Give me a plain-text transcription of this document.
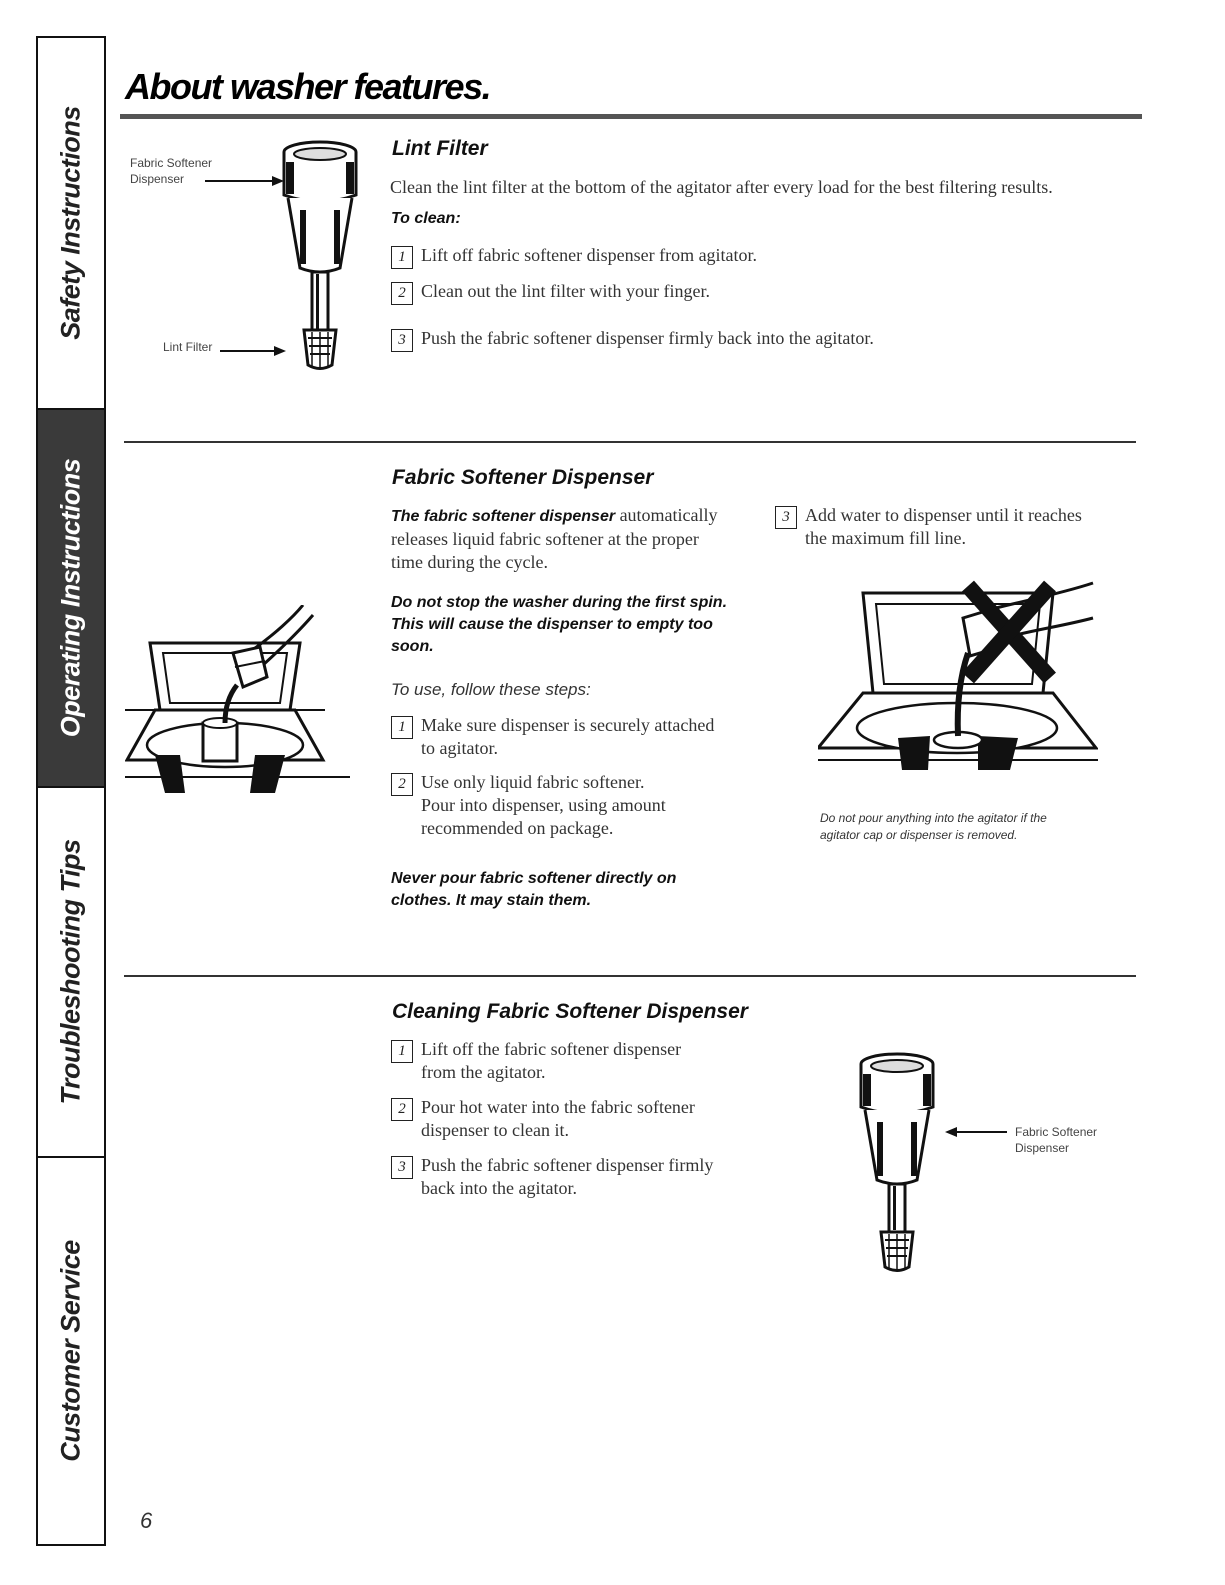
Safety Instructions
Operating Instructions
Troubleshooting Tips
Customer Service
About washer features.
Fabric Softener
Dispenser
Lint Filter
Lint Filter
Clean the lint filter at the bottom of the agitator after every load for the best filtering results.
To clean:
1 Lift off fabric softener dispenser from agitator.
2 Clean out the lint filter with your finger.
3 Push the fabric softener dispenser firmly back into the agitator.
Fabric Softener Dispenser
The fabric softener dispenser automatically
releases liquid fabric softener at the proper
time during the cycle.
Do not stop the washer during the first spin.
This will cause the dispenser to empty too
soon.
To use, follow these steps:
1 Make sure dispenser is securely attached
to agitator.
2 Use only liquid fabric softener.
Pour into dispenser, using amount
recommended on package.
3 Add water to dispenser until it reaches
the maximum fill line.
Never pour fabric softener directly on
clothes. It may stain them.
Do not pour anything into the agitator if the
agitator cap or dispenser is removed.
Cleaning Fabric Softener Dispenser
1 Lift off the fabric softener dispenser
from the agitator.
2 Pour hot water into the fabric softener
dispenser to clean it.
3 Push the fabric softener dispenser firmly
back into the agitator.
Fabric Softener
Dispenser
6
